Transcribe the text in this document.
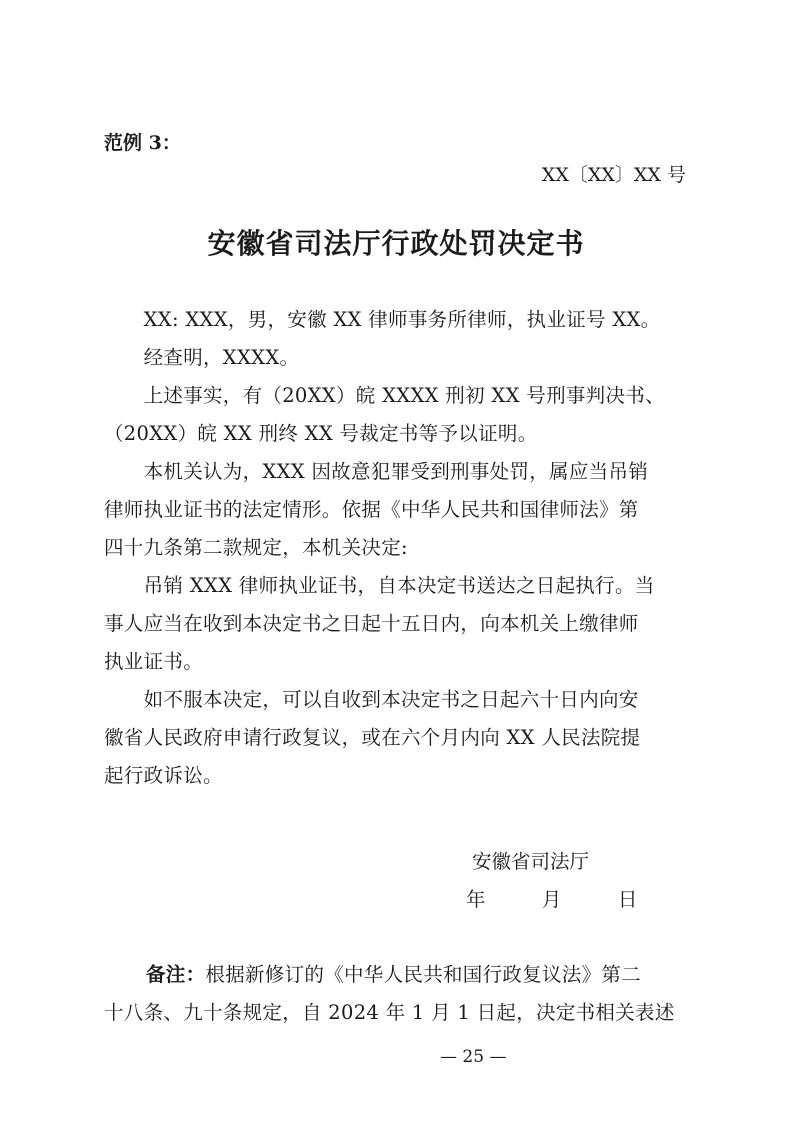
范例 3：
XX〔XX〕XX 号
安徽省司法厅行政处罚决定书
　　XX: XXX，男，安徽 XX 律师事务所律师，执业证号 XX。
　　经查明，XXXX。
　　上述事实，有（20XX）皖 XXXX 刑初 XX 号刑事判决书、
（20XX）皖 XX 刑终 XX 号裁定书等予以证明。
　　本机关认为，XXX 因故意犯罪受到刑事处罚，属应当吊销
律师执业证书的法定情形。依据《中华人民共和国律师法》第
四十九条第二款规定，本机关决定:
　　吊销 XXX 律师执业证书，自本决定书送达之日起执行。当
事人应当在收到本决定书之日起十五日内，向本机关上缴律师
执业证书。
　　如不服本决定，可以自收到本决定书之日起六十日内向安
徽省人民政府申请行政复议，或在六个月内向 XX 人民法院提
起行政诉讼。
安徽省司法厅
年	月	日
备注：根据新修订的《中华人民共和国行政复议法》第二
十八条、九十条规定，自 2024 年 1 月 1 日起，决定书相关表述
— 25 —
